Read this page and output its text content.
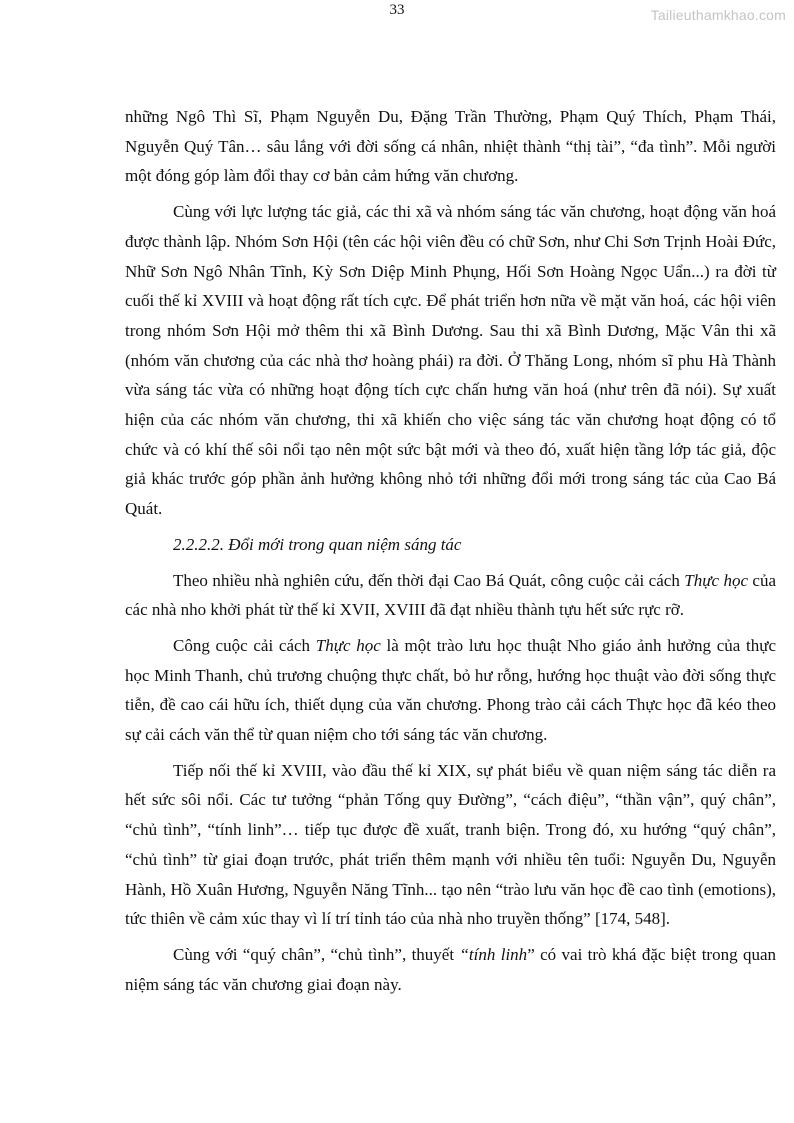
33	Tailieuthamkhao.com

những Ngô Thì Sĩ, Phạm Nguyễn Du, Đặng Trần Thường, Phạm Quý Thích, Phạm Thái, Nguyễn Quý Tân… sâu lắng với đời sống cá nhân, nhiệt thành “thị tài”, “đa tình”. Mỗi người một đóng góp làm đổi thay cơ bản cảm hứng văn chương.

Cùng với lực lượng tác giả, các thi xã và nhóm sáng tác văn chương, hoạt động văn hoá được thành lập. Nhóm Sơn Hội (tên các hội viên đều có chữ Sơn, như Chi Sơn Trịnh Hoài Đức, Nhữ Sơn Ngô Nhân Tĩnh, Kỳ Sơn Diệp Minh Phụng, Hối Sơn Hoàng Ngọc Uẩn...) ra đời từ cuối thế kỉ XVIII và hoạt động rất tích cực. Để phát triển hơn nữa về mặt văn hoá, các hội viên trong nhóm Sơn Hội mở thêm thi xã Bình Dương. Sau thi xã Bình Dương, Mặc Vân thi xã (nhóm văn chương của các nhà thơ hoàng phái) ra đời. Ở Thăng Long, nhóm sĩ phu Hà Thành vừa sáng tác vừa có những hoạt động tích cực chấn hưng văn hoá (như trên đã nói). Sự xuất hiện của các nhóm văn chương, thi xã khiến cho việc sáng tác văn chương hoạt động có tổ chức và có khí thế sôi nổi tạo nên một sức bật mới và theo đó, xuất hiện tầng lớp tác giả, độc giả khác trước góp phần ảnh hưởng không nhỏ tới những đổi mới trong sáng tác của Cao Bá Quát.

2.2.2.2. Đổi mới trong quan niệm sáng tác

Theo nhiều nhà nghiên cứu, đến thời đại Cao Bá Quát, công cuộc cải cách Thực học của các nhà nho khởi phát từ thế kỉ XVII, XVIII đã đạt nhiều thành tựu hết sức rực rỡ.

Công cuộc cải cách Thực học là một trào lưu học thuật Nho giáo ảnh hưởng của thực học Minh Thanh, chủ trương chuộng thực chất, bỏ hư rỗng, hướng học thuật vào đời sống thực tiễn, đề cao cái hữu ích, thiết dụng của văn chương. Phong trào cải cách Thực học đã kéo theo sự cải cách văn thể từ quan niệm cho tới sáng tác văn chương.

Tiếp nối thế kỉ XVIII, vào đầu thế kỉ XIX, sự phát biểu về quan niệm sáng tác diễn ra hết sức sôi nổi. Các tư tưởng “phản Tống quy Đường”, “cách điệu”, “thần vận”, quý chân”, “chủ tình”, “tính linh”… tiếp tục được đề xuất, tranh biện. Trong đó, xu hướng “quý chân”, “chủ tình” từ giai đoạn trước, phát triển thêm mạnh với nhiều tên tuổi: Nguyễn Du, Nguyễn Hành, Hồ Xuân Hương, Nguyễn Năng Tĩnh... tạo nên “trào lưu văn học đề cao tình (emotions), tức thiên về cảm xúc thay vì lí trí tỉnh táo của nhà nho truyền thống” [174, 548].

Cùng với “quý chân”, “chủ tình”, thuyết “tính linh” có vai trò khá đặc biệt trong quan niệm sáng tác văn chương giai đoạn này.
